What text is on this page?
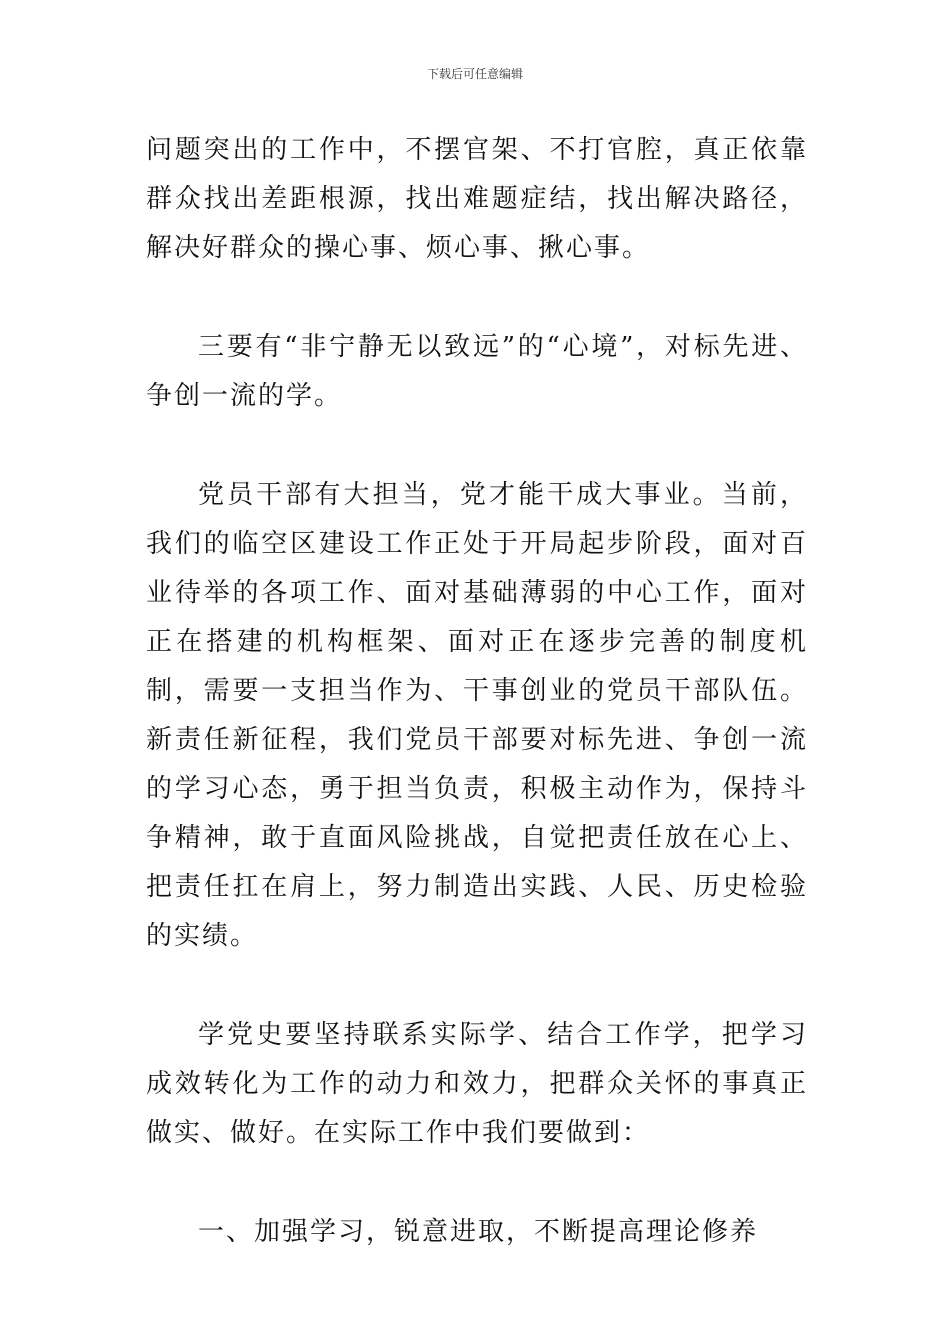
下载后可任意编辑

问题突出的工作中，不摆官架、不打官腔，真正依靠群众找出差距根源，找出难题症结，找出解决路径，解决好群众的操心事、烦心事、揪心事。

三要有“非宁静无以致远”的“心境”，对标先进、争创一流的学。

党员干部有大担当，党才能干成大事业。当前，我们的临空区建设工作正处于开局起步阶段，面对百业待举的各项工作、面对基础薄弱的中心工作，面对正在搭建的机构框架、面对正在逐步完善的制度机制，需要一支担当作为、干事创业的党员干部队伍。新责任新征程，我们党员干部要对标先进、争创一流的学习心态，勇于担当负责，积极主动作为，保持斗争精神，敢于直面风险挑战，自觉把责任放在心上、把责任扛在肩上，努力制造出实践、人民、历史检验的实绩。

学党史要坚持联系实际学、结合工作学，把学习成效转化为工作的动力和效力，把群众关怀的事真正做实、做好。在实际工作中我们要做到：

一、加强学习，锐意进取，不断提高理论修养
